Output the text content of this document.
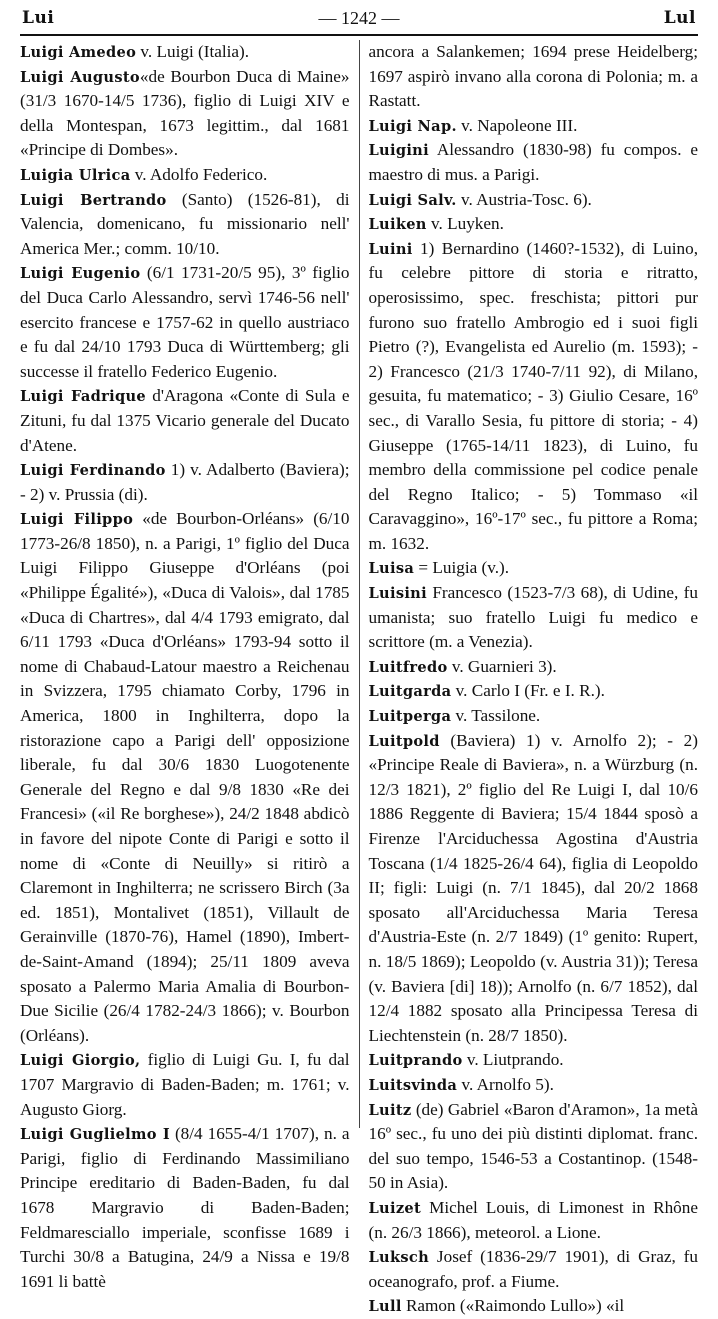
Lui	— 1242 —	Lul

Luigi Amedeo v. Luigi (Italia).

Luigi Augusto«de Bourbon Duca di Maine» (31/3 1670-14/5 1736), figlio di Luigi XIV e della Montespan, 1673 legittim., dal 1681 «Principe di Dombes».

Luigia Ulrica v. Adolfo Federico.

Luigi Bertrando (Santo) (1526-81), di Valencia, domenicano, fu missionario nell' America Mer.; comm. 10/10.

Luigi Eugenio (6/1 1731-20/5 95), 3º figlio del Duca Carlo Alessandro, servì 1746-56 nell' esercito francese e 1757-62 in quello austriaco e fu dal 24/10 1793 Duca di Württemberg; gli successe il fratello Federico Eugenio.

Luigi Fadrique d'Aragona «Conte di Sula e Zituni, fu dal 1375 Vicario generale del Ducato d'Atene.

Luigi Ferdinando 1) v. Adalberto (Baviera); - 2) v. Prussia (di).

Luigi Filippo «de Bourbon-Orléans» (6/10 1773-26/8 1850), n. a Parigi, 1º figlio del Duca Luigi Filippo Giuseppe d'Orléans (poi «Philippe Égalité»), «Duca di Valois», dal 1785 «Duca di Chartres», dal 4/4 1793 emigrato, dal 6/11 1793 «Duca d'Orléans» 1793-94 sotto il nome di Chabaud-Latour maestro a Reichenau in Svizzera, 1795 chiamato Corby, 1796 in America, 1800 in Inghilterra, dopo la ristorazione capo a Parigi dell' opposizione liberale, fu dal 30/6 1830 Luogotenente Generale del Regno e dal 9/8 1830 «Re dei Francesi» («il Re borghese»), 24/2 1848 abdicò in favore del nipote Conte di Parigi e sotto il nome di «Conte di Neuilly» si ritirò a Claremont in Inghilterra; ne scrissero Birch (3a ed. 1851), Montalivet (1851), Villault de Gerainville (1870-76), Hamel (1890), Imbert-de-Saint-Amand (1894); 25/11 1809 aveva sposato a Palermo Maria Amalia di Bourbon-Due Sicilie (26/4 1782-24/3 1866); v. Bourbon (Orléans).

Luigi Giorgio, figlio di Luigi Gu. I, fu dal 1707 Margravio di Baden-Baden; m. 1761; v. Augusto Giorg.

Luigi Guglielmo I (8/4 1655-4/1 1707), n. a Parigi, figlio di Ferdinando Massimiliano Principe ereditario di Baden-Baden, fu dal 1678 Margravio di Baden-Baden; Feldmaresciallo imperiale, sconfisse 1689 i Turchi 30/8 a Batugina, 24/9 a Nissa e 19/8 1691 li battè

ancora a Salankemen; 1694 prese Heidelberg; 1697 aspirò invano alla corona di Polonia; m. a Rastatt.

Luigi Nap. v. Napoleone III.

Luigini Alessandro (1830-98) fu compos. e maestro di mus. a Parigi.

Luigi Salv. v. Austria-Tosc. 6).

Luiken v. Luyken.

Luini 1) Bernardino (1460?-1532), di Luino, fu celebre pittore di storia e ritratto, operosissimo, spec. freschista; pittori pur furono suo fratello Ambrogio ed i suoi figli Pietro (?), Evangelista ed Aurelio (m. 1593); - 2) Francesco (21/3 1740-7/11 92), di Milano, gesuita, fu matematico; - 3) Giulio Cesare, 16º sec., di Varallo Sesia, fu pittore di storia; - 4) Giuseppe (1765-14/11 1823), di Luino, fu membro della commissione pel codice penale del Regno Italico; - 5) Tommaso «il Caravaggino», 16º-17º sec., fu pittore a Roma; m. 1632.

Luisa = Luigia (v.).

Luisini Francesco (1523-7/3 68), di Udine, fu umanista; suo fratello Luigi fu medico e scrittore (m. a Venezia).

Luitfredo v. Guarnieri 3).

Luitgarda v. Carlo I (Fr. e I. R.).

Luitperga v. Tassilone.

Luitpold (Baviera) 1) v. Arnolfo 2); - 2) «Principe Reale di Baviera», n. a Würzburg (n. 12/3 1821), 2º figlio del Re Luigi I, dal 10/6 1886 Reggente di Baviera; 15/4 1844 sposò a Firenze l'Arciduchessa Agostina d'Austria Toscana (1/4 1825-26/4 64), figlia di Leopoldo II; figli: Luigi (n. 7/1 1845), dal 20/2 1868 sposato all'Arciduchessa Maria Teresa d'Austria-Este (n. 2/7 1849) (1º genito: Rupert, n. 18/5 1869); Leopoldo (v. Austria 31)); Teresa (v. Baviera [di] 18)); Arnolfo (n. 6/7 1852), dal 12/4 1882 sposato alla Principessa Teresa di Liechtenstein (n. 28/7 1850).

Luitprando v. Liutprando.

Luitsvinda v. Arnolfo 5).

Luitz (de) Gabriel «Baron d'Aramon», 1a metà 16º sec., fu uno dei più distinti diplomat. franc. del suo tempo, 1546-53 a Costantinop. (1548-50 in Asia).

Luizet Michel Louis, di Limonest in Rhône (n. 26/3 1866), meteorol. a Lione.

Luksch Josef (1836-29/7 1901), di Graz, fu oceanografo, prof. a Fiume.

Lull Ramon («Raimondo Lullo») «il
